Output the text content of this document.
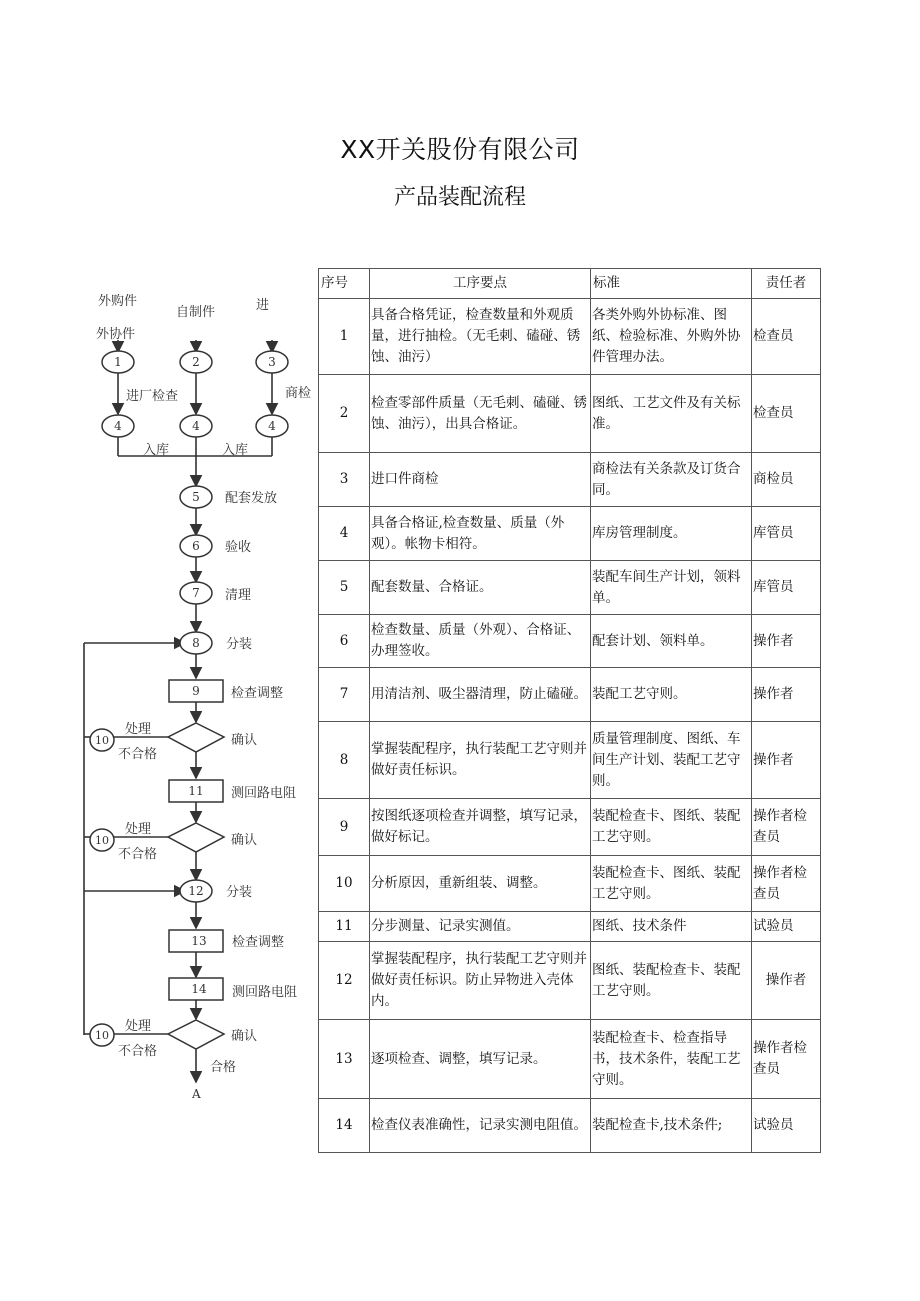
XX开关股份有限公司
产品装配流程
外购件
外协件
自制件	进
进厂检查	商检
入库	入库
1	2	3
4	4	4
5
6
7
8
9
11
12
13
14
10
10
10
配套发放
验收
清理
分装
检查调整
测回路电阻
分装
检查调整
测回路电阻
确认
确认
确认
处理
处理
处理
不合格
不合格
不合格
合格
A
序号	工序要点	标准	责任者
1	具备合格凭证，检查数量和外观质量，进行抽检。（无毛刺、磕碰、锈蚀、油污）	各类外购外协标准、图纸、检验标准、外购外协件管理办法。	检查员
2	检查零部件质量（无毛刺、磕碰、锈蚀、油污），出具合格证。	图纸、工艺文件及有关标准。	检查员
3	进口件商检	商检法有关条款及订货合同。	商检员
4	具备合格证,检查数量、质量（外观）。帐物卡相符。	库房管理制度。	库管员
5	配套数量、合格证。	装配车间生产计划，领料单。	库管员
6	检查数量、质量（外观）、合格证、办理签收。	配套计划、领料单。	操作者
7	用清洁剂、吸尘器清理，防止磕碰。	装配工艺守则。	操作者
8	掌握装配程序，执行装配工艺守则并做好责任标识。	质量管理制度、图纸、车间生产计划、装配工艺守则。	操作者
9	按图纸逐项检查并调整，填写记录，做好标记。	装配检查卡、图纸、装配工艺守则。	操作者检查员
10	分析原因，重新组装、调整。	装配检查卡、图纸、装配工艺守则。	操作者检查员
11	分步测量、记录实测值。	图纸、技术条件	试验员
12	掌握装配程序，执行装配工艺守则并做好责任标识。防止异物进入壳体内。	图纸、装配检查卡、装配工艺守则。	操作者
13	逐项检查、调整，填写记录。	装配检查卡、检查指导书，技术条件，装配工艺守则。	操作者检查员
14	检查仪表准确性，记录实测电阻值。	装配检查卡,技术条件;	试验员
